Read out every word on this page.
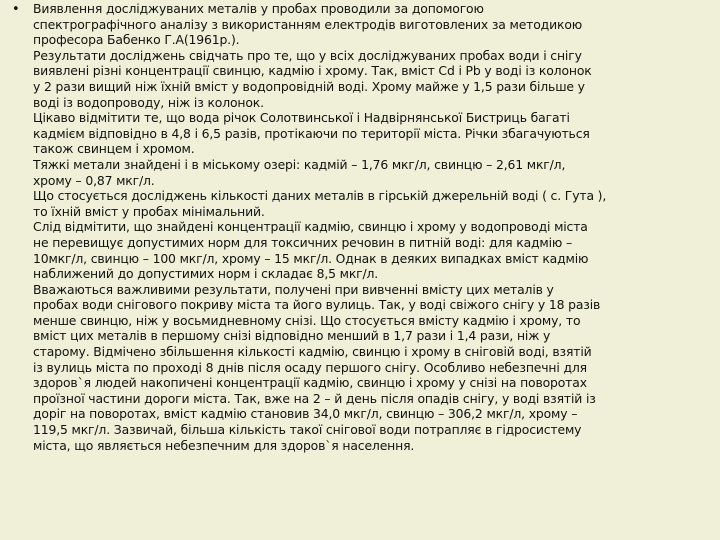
• Виявлення досліджуваних металів у пробах проводили за допомогою
спектрографічного аналізу з використанням електродів виготовлених за методикою
професора Бабенко Г.А(1961р.).
Результати досліджень свідчать про те, що у всіх досліджуваних пробах води і снігу
виявлені різні концентрації свинцю, кадмію і хрому. Так, вміст Cd і Pb у воді із колонок
у 2 рази вищий ніж їхній вміст у водопровідній воді. Хрому майже у 1,5 рази більше у
воді із водопроводу, ніж із колонок.
Цікаво відмітити те, що вода річок Солотвинської і Надвірнянської Бистриць багаті
кадмієм відповідно в 4,8 і 6,5 разів, протікаючи по території міста. Річки збагачуються
також свинцем і хромом.
Тяжкі метали знайдені і в міському озері: кадмій – 1,76 мкг/л, свинцю – 2,61 мкг/л,
хрому – 0,87 мкг/л.
Що стосується досліджень кількості даних металів в гірській джерельній воді ( с. Гута ),
то їхній вміст у пробах мінімальний.
Слід відмітити, що знайдені концентрації кадмію, свинцю і хрому у водопроводі міста
не перевищує допустимих норм для токсичних речовин в питній воді: для кадмію –
10мкг/л, свинцю – 100 мкг/л, хрому – 15 мкг/л. Однак в деяких випадках вміст кадмію
наближений до допустимих норм і складає 8,5 мкг/л.
Вважаються важливими результати, получені при вивченні вмісту цих металів у
пробах води снігового покриву міста та його вулиць. Так, у воді свіжого снігу у 18 разів
менше свинцю, ніж у восьмиднeвному снізі. Що стосується вмісту кадмію і хрому, то
вміст цих металів в першому снізі відповідно менший в 1,7 рази і 1,4 рази, ніж у
старому. Відмічено збільшення кількості кадмію, свинцю і хрому в сніговій воді, взятій
із вулиць міста по проході 8 днів після осаду першого снігу. Особливо небезпечні для
здоров`я людей накопичені концентрації кадмію, свинцю і хрому у снізі на поворотах
проїзної частини дороги міста. Так, вже на 2 – й день після опадів снігу, у воді взятій із
доріг на поворотах, вміст кадмію становив 34,0 мкг/л, свинцю – 306,2 мкг/л, хрому –
119,5 мкг/л. Зазвичай, більша кількість такої снігової води потрапляє в гідросистему
міста, що являється небезпечним для здоров`я населення.
